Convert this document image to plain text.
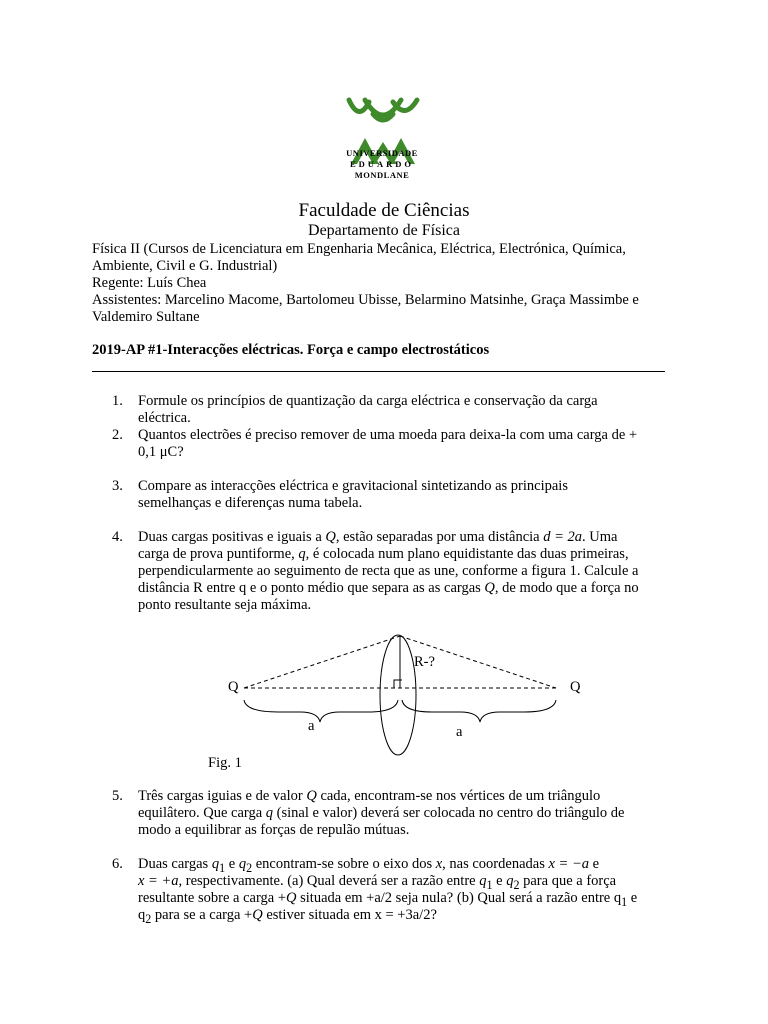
UNIVERSIDADE
EDUARDO
MONDLANE
Faculdade de Ciências
Departamento de Física
Física II (Cursos de Licenciatura em Engenharia Mecânica, Eléctrica, Electrónica, Química,
Ambiente, Civil e G. Industrial)
Regente: Luís Chea
Assistentes: Marcelino Macome, Bartolomeu Ubisse, Belarmino Matsinhe, Graça Massimbe e
Valdemiro Sultane
2019-AP #1-Interacções eléctricas. Força e campo electrostáticos
1. Formule os princípios de quantização da carga eléctrica e conservação da carga
eléctrica.
2. Quantos electrões é preciso remover de uma moeda para deixa-la com uma carga de +
0,1 μC?
3. Compare as interacções eléctrica e gravitacional sintetizando as principais
semelhanças e diferenças numa tabela.
4. Duas cargas positivas e iguais a Q, estão separadas por uma distância d = 2a. Uma
carga de prova puntiforme, q, é colocada num plano equidistante das duas primeiras,
perpendicularmente ao seguimento de recta que as une, conforme a figura 1. Calcule a
distância R entre q e o ponto médio que separa as as cargas Q, de modo que a força no
ponto resultante seja máxima.
Q	Q
R-?
a	a
Fig. 1
5. Três cargas iguias e de valor Q cada, encontram-se nos vértices de um triângulo
equilâtero. Que carga q (sinal e valor) deverá ser colocada no centro do triângulo de
modo a equilibrar as forças de repulão mútuas.
6. Duas cargas $q_1$ e $q_2$ encontram-se sobre o eixo dos x, nas coordenadas x = −a e
x = +a, respectivamente. (a) Qual deverá ser a razão entre $q_1$ e $q_2$ para que a força
resultante sobre a carga +Q situada em +a/2 seja nula? (b) Qual será a razão entre $q_1$ e
$q_2$ para se a carga +Q estiver situada em x = +3a/2?
